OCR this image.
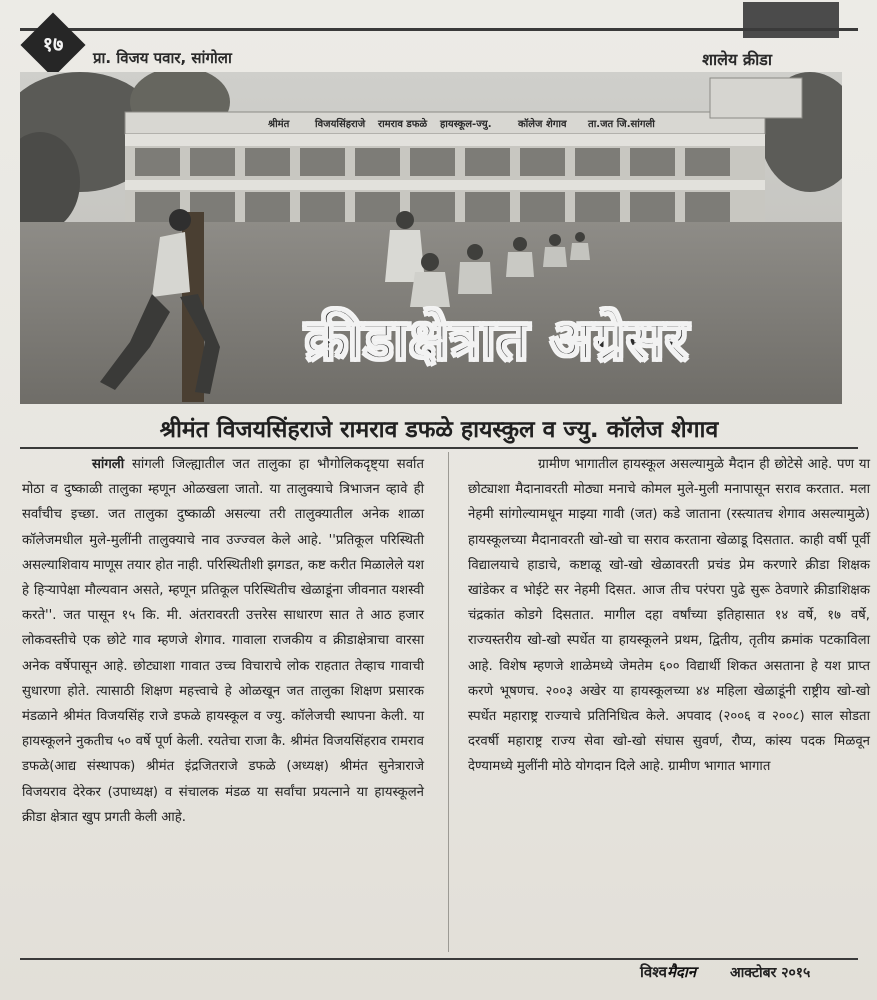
१७
प्रा. विजय पवार, सांगोला	शालेय क्रीडा
श्रीमंत	विजयसिंहराजे रामराव डफळे हायस्कूल-ज्यु.	कॉलेज शेगाव ता.जत जि.सांगली
क्रीडाक्षेत्रात अग्रेसर
श्रीमंत विजयसिंहराजे रामराव डफळे हायस्कुल व ज्यु. कॉलेज शेगाव

सांगली सांगली जिल्ह्यातील जत तालुका हा भौगोलिकदृष्ट्या सर्वात मोठा व दुष्काळी तालुका म्हणून ओळखला जातो. या तालुक्याचे त्रिभाजन व्हावे ही सर्वांचीच इच्छा. जत तालुका दुष्काळी असल्या तरी तालुक्यातील अनेक शाळा कॉलेजमधील मुले-मुलींनी तालुक्याचे नाव उज्ज्वल केले आहे. ''प्रतिकूल परिस्थिती असल्याशिवाय माणूस तयार होत नाही. परिस्थितीशी झगडत, कष्ट करीत मिळालेले यश हे हिऱ्यापेक्षा मौल्यवान असते, म्हणून प्रतिकूल परिस्थितीच खेळाडूंना जीवनात यशस्वी करते''. जत पासून १५ कि. मी. अंतरावरती उत्तरेस साधारण सात ते आठ हजार लोकवस्तीचे एक छोटे गाव म्हणजे शेगाव. गावाला राजकीय व क्रीडाक्षेत्राचा वारसा अनेक वर्षेपासून आहे. छोट्याशा गावात उच्च विचाराचे लोक राहतात तेव्हाच गावाची सुधारणा होते. त्यासाठी शिक्षण महत्त्वाचे हे ओळखून जत तालुका शिक्षण प्रसारक मंडळाने श्रीमंत विजयसिंह राजे डफळे हायस्कूल व ज्यु. कॉलेजची स्थापना केली. या हायस्कूलने नुकतीच ५० वर्षे पूर्ण केली. रयतेचा राजा कै. श्रीमंत विजयसिंहराव रामराव डफळे(आद्य संस्थापक) श्रीमंत इंद्रजितराजे डफळे (अध्यक्ष) श्रीमंत सुनेत्राराजे विजयराव देरेकर (उपाध्यक्ष) व संचालक मंडळ या सर्वांचा प्रयत्नाने या हायस्कूलने क्रीडा क्षेत्रात खुप प्रगती केली आहे.

ग्रामीण भागातील हायस्कूल असल्यामुळे मैदान ही छोटेसे आहे. पण या छोट्याशा मैदानावरती मोठ्या मनाचे कोमल मुले-मुली मनापासून सराव करतात. मला नेहमी सांगोल्यामधून माझ्या गावी (जत) कडे जाताना (रस्त्यातच शेगाव असल्यामुळे) हायस्कूलच्या मैदानावरती खो-खो चा सराव करताना खेळाडू दिसतात. काही वर्षी पूर्वी विद्यालयाचे हाडाचे, कष्टाळू खो-खो खेळावरती प्रचंड प्रेम करणारे क्रीडा शिक्षक खांडेकर व भोईटे सर नेहमी दिसत. आज तीच परंपरा पुढे सुरू ठेवणारे क्रीडाशिक्षक चंद्रकांत कोडगे दिसतात. मागील दहा वर्षांच्या इतिहासात १४ वर्षे, १७ वर्षे, राज्यस्तरीय खो-खो स्पर्धेत या हायस्कूलने प्रथम, द्वितीय, तृतीय क्रमांक पटकाविला आहे. विशेष म्हणजे शाळेमध्ये जेमतेम ६०० विद्यार्थी शिकत असताना हे यश प्राप्त करणे भूषणच. २००३ अखेर या हायस्कूलच्या ४४ महिला खेळाडूंनी राष्ट्रीय खो-खो स्पर्धेत महाराष्ट्र राज्याचे प्रतिनिधित्व केले. अपवाद (२००६ व २००८) साल सोडता दरवर्षी महाराष्ट्र राज्य सेवा खो-खो संघास सुवर्ण, रौप्य, कांस्य पदक मिळवून देण्यामध्ये मुलींनी मोठे योगदान दिले आहे. ग्रामीण भागात भागात

विश्वमैदान आक्टोबर २०१५
